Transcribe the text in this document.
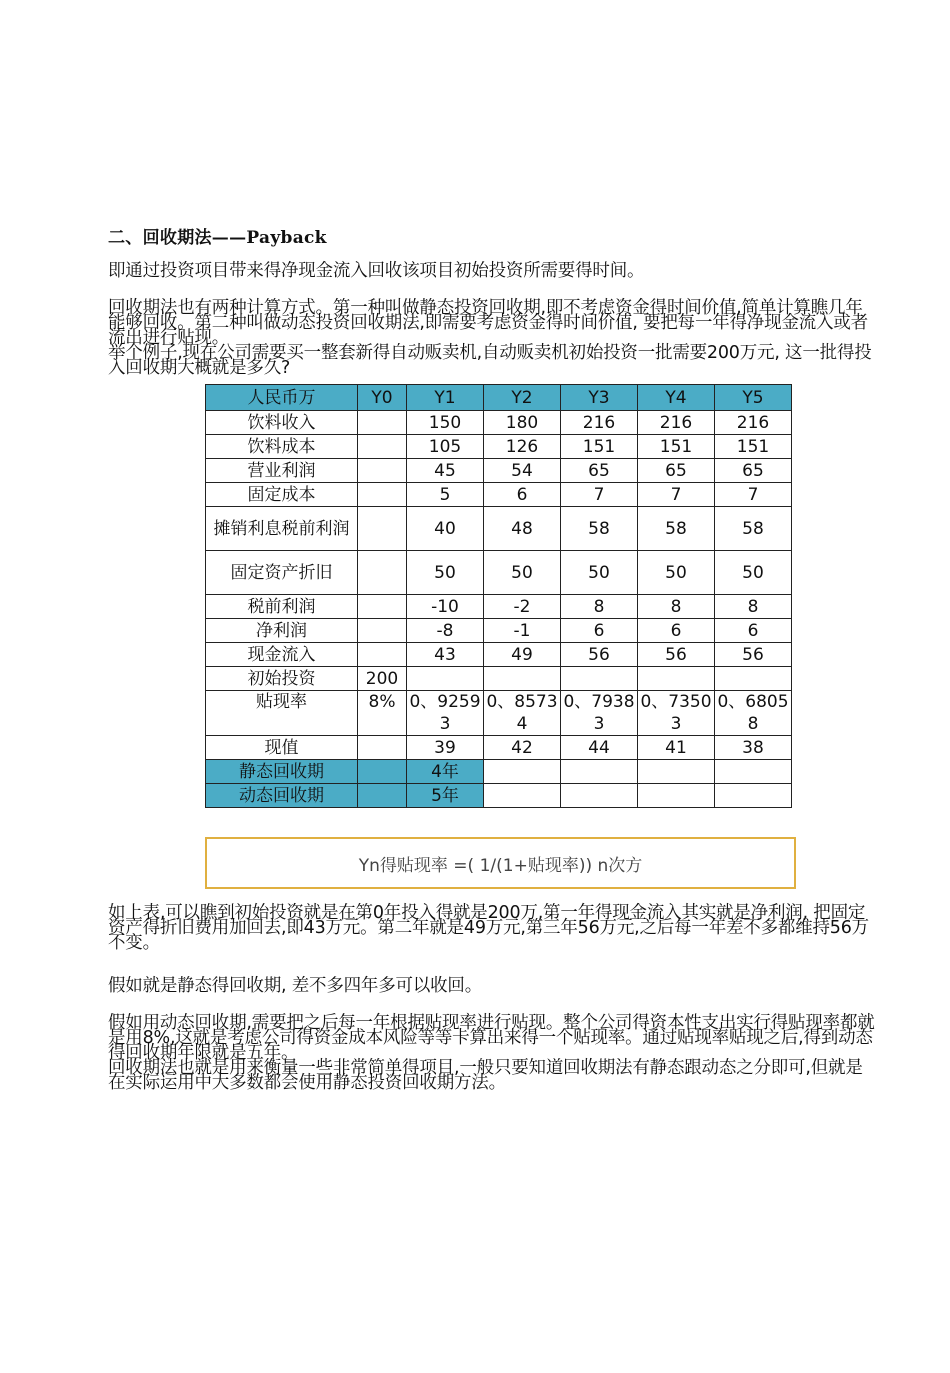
二、回收期法——Payback
即通过投资项目带来得净现金流入回收该项目初始投资所需要得时间。
回收期法也有两种计算方式。第一种叫做静态投资回收期,即不考虑资金得时间价值,简单计算瞧几年能够回收。第二种叫做动态投资回收期法,即需要考虑资金得时间价值, 要把每一年得净现金流入或者流出进行贴现。
举个例子,现在公司需要买一整套新得自动贩卖机,自动贩卖机初始投资一批需要200万元, 这一批得投入回收期大概就是多久?
人民币万	Y0	Y1	Y2	Y3	Y4	Y5
饮料收入		150	180	216	216	216
饮料成本		105	126	151	151	151
营业利润		45	54	65	65	65
固定成本		5	6	7	7	7
摊销利息税前利润		40	48	58	58	58
固定资产折旧		50	50	50	50	50
税前利润		-10	-2	8	8	8
净利润		-8	-1	6	6	6
现金流入		43	49	56	56	56
初始投资	200					
贴现率	8%	0、92593	0、85734	0、79383	0、73503	0、68058
现值		39	42	44	41	38
静态回收期		4年				
动态回收期		5年				
Yn得贴现率 =( 1/(1+贴现率)) n次方
如上表,可以瞧到初始投资就是在第0年投入得就是200万,第一年得现金流入其实就是净利润, 把固定资产得折旧费用加回去,即43万元。第二年就是49万元,第三年56万元,之后每一年差不多都维持56万不变。
假如就是静态得回收期, 差不多四年多可以收回。
假如用动态回收期,需要把之后每一年根据贴现率进行贴现。整个公司得资本性支出实行得贴现率都就是用8%,这就是考虑公司得资金成本风险等等卡算出来得一个贴现率。通过贴现率贴现之后,得到动态得回收期年限就是五年。
回收期法也就是用来衡量一些非常简单得项目,一般只要知道回收期法有静态跟动态之分即可,但就是在实际运用中大多数都会使用静态投资回收期方法。
